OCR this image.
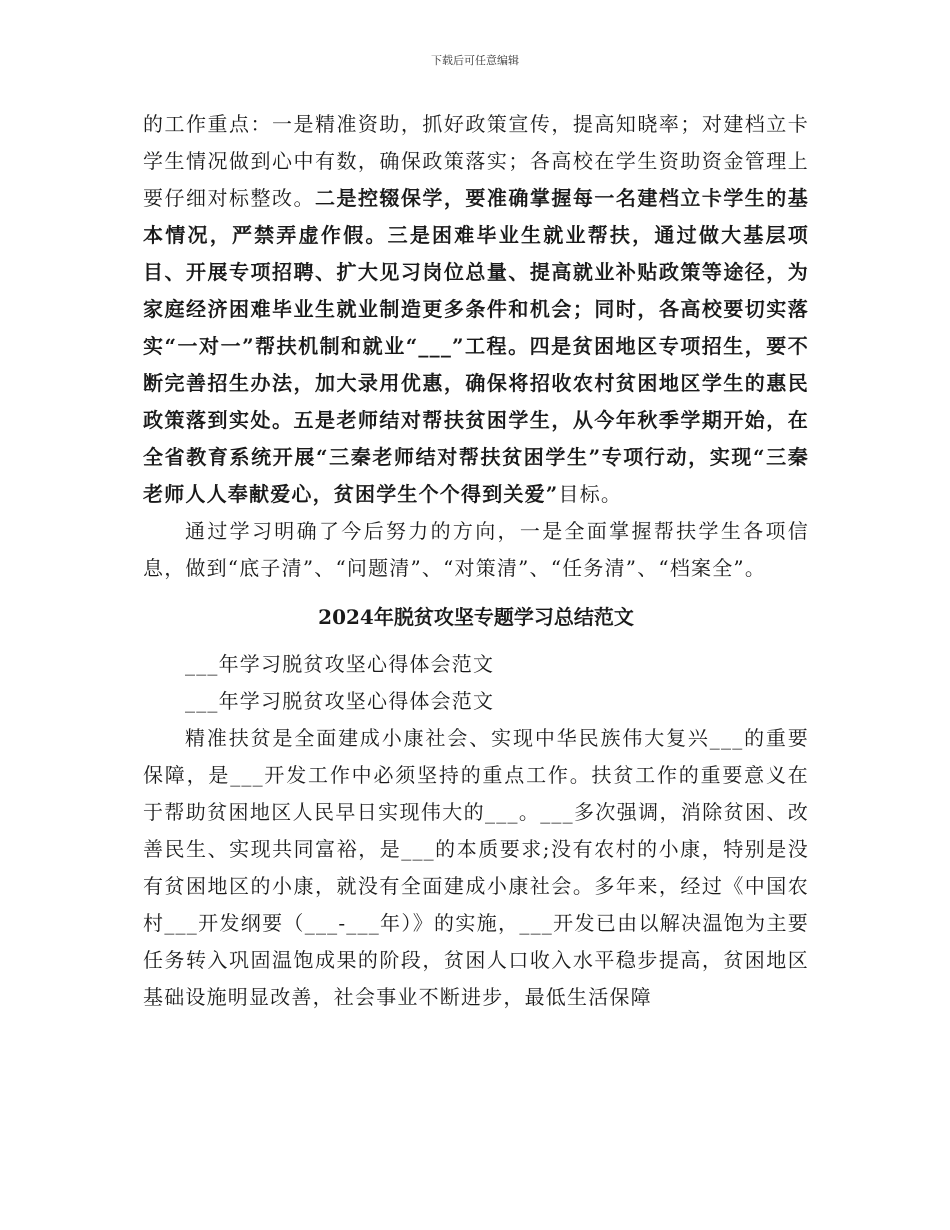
下载后可任意编辑

的工作重点：一是精准资助，抓好政策宣传，提高知晓率；对建档立卡学生情况做到心中有数，确保政策落实；各高校在学生资助资金管理上要仔细对标整改。二是控辍保学，要准确掌握每一名建档立卡学生的基本情况，严禁弄虚作假。三是困难毕业生就业帮扶，通过做大基层项目、开展专项招聘、扩大见习岗位总量、提高就业补贴政策等途径，为家庭经济困难毕业生就业制造更多条件和机会；同时，各高校要切实落实“一对一”帮扶机制和就业“___”工程。四是贫困地区专项招生，要不断完善招生办法，加大录用优惠，确保将招收农村贫困地区学生的惠民政策落到实处。五是老师结对帮扶贫困学生，从今年秋季学期开始，在全省教育系统开展“三秦老师结对帮扶贫困学生”专项行动，实现“三秦老师人人奉献爱心，贫困学生个个得到关爱”目标。

通过学习明确了今后努力的方向，一是全面掌握帮扶学生各项信息，做到“底子清”、“问题清”、“对策清”、“任务清”、“档案全”。

2024年脱贫攻坚专题学习总结范文

___年学习脱贫攻坚心得体会范文

___年学习脱贫攻坚心得体会范文

精准扶贫是全面建成小康社会、实现中华民族伟大复兴___的重要保障，是___开发工作中必须坚持的重点工作。扶贫工作的重要意义在于帮助贫困地区人民早日实现伟大的___。___多次强调，消除贫困、改善民生、实现共同富裕，是___的本质要求;没有农村的小康，特别是没有贫困地区的小康，就没有全面建成小康社会。多年来，经过《中国农村___开发纲要（___-___年）》的实施，___开发已由以解决温饱为主要任务转入巩固温饱成果的阶段，贫困人口收入水平稳步提高，贫困地区基础设施明显改善，社会事业不断进步，最低生活保障
